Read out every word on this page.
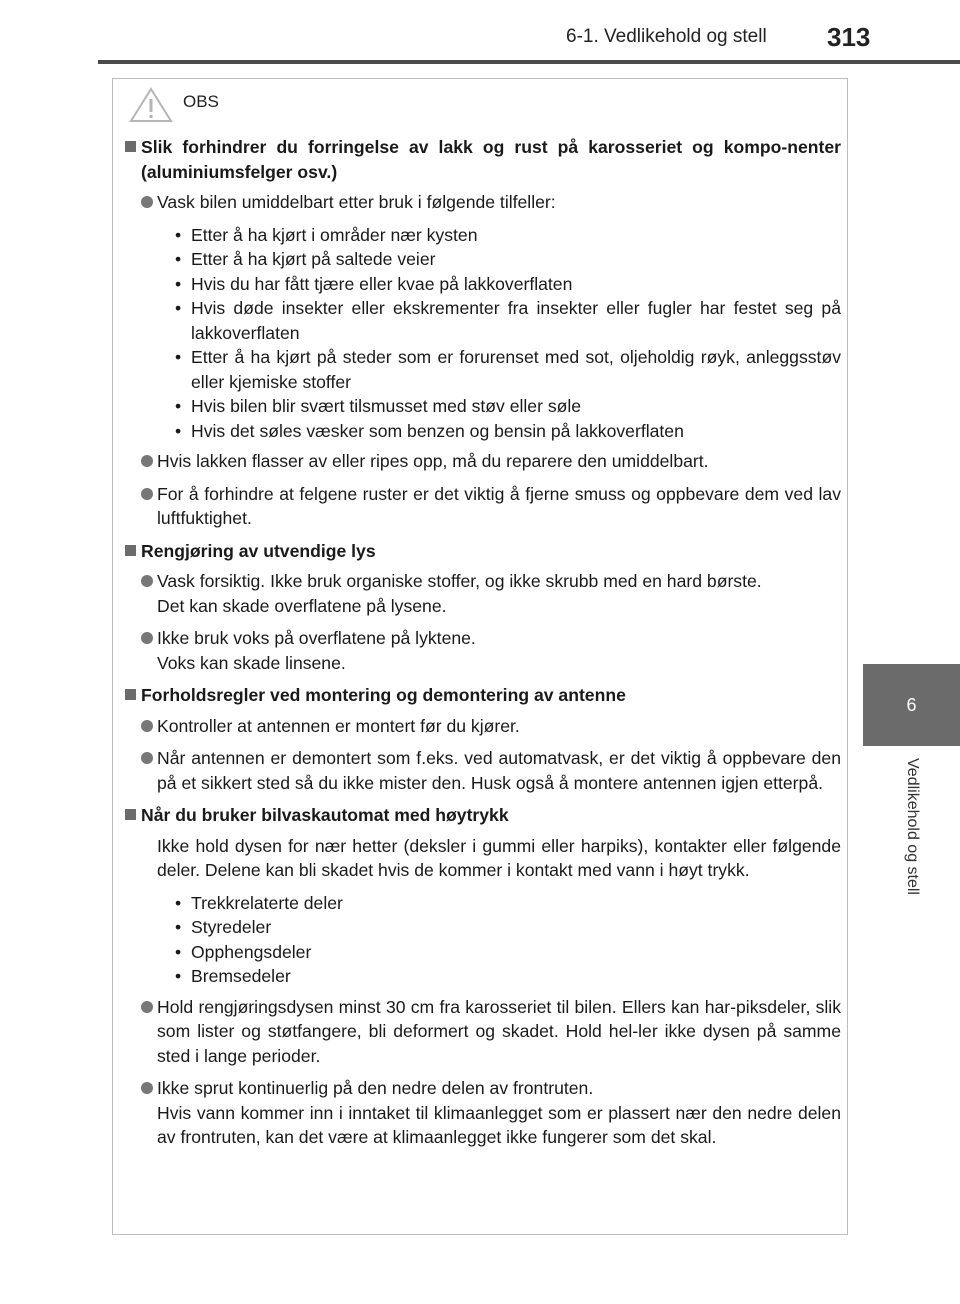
6-1. Vedlikehold og stell 313
6
Vedlikehold og stell
OBS
Slik forhindrer du forringelse av lakk og rust på karosseriet og kompo-nenter (aluminiumsfelger osv.)
Vask bilen umiddelbart etter bruk i følgende tilfeller:
• Etter å ha kjørt i områder nær kysten
• Etter å ha kjørt på saltede veier
• Hvis du har fått tjære eller kvae på lakkoverflaten
• Hvis døde insekter eller ekskrementer fra insekter eller fugler har festet seg på lakkoverflaten
• Etter å ha kjørt på steder som er forurenset med sot, oljeholdig røyk, anleggsstøv eller kjemiske stoffer
• Hvis bilen blir svært tilsmusset med støv eller søle
• Hvis det søles væsker som benzen og bensin på lakkoverflaten
Hvis lakken flasser av eller ripes opp, må du reparere den umiddelbart.
For å forhindre at felgene ruster er det viktig å fjerne smuss og oppbevare dem ved lav luftfuktighet.
Rengjøring av utvendige lys
Vask forsiktig. Ikke bruk organiske stoffer, og ikke skrubb med en hard børste.
Det kan skade overflatene på lysene.
Ikke bruk voks på overflatene på lyktene.
Voks kan skade linsene.
Forholdsregler ved montering og demontering av antenne
Kontroller at antennen er montert før du kjører.
Når antennen er demontert som f.eks. ved automatvask, er det viktig å oppbevare den på et sikkert sted så du ikke mister den. Husk også å montere antennen igjen etterpå.
Når du bruker bilvaskautomat med høytrykk
Ikke hold dysen for nær hetter (deksler i gummi eller harpiks), kontakter eller følgende deler. Delene kan bli skadet hvis de kommer i kontakt med vann i høyt trykk.
• Trekkrelaterte deler
• Styredeler
• Opphengsdeler
• Bremsedeler
Hold rengjøringsdysen minst 30 cm fra karosseriet til bilen. Ellers kan har-piksdeler, slik som lister og støtfangere, bli deformert og skadet. Hold hel-ler ikke dysen på samme sted i lange perioder.
Ikke sprut kontinuerlig på den nedre delen av frontruten.
Hvis vann kommer inn i inntaket til klimaanlegget som er plassert nær den nedre delen av frontruten, kan det være at klimaanlegget ikke fungerer som det skal.
